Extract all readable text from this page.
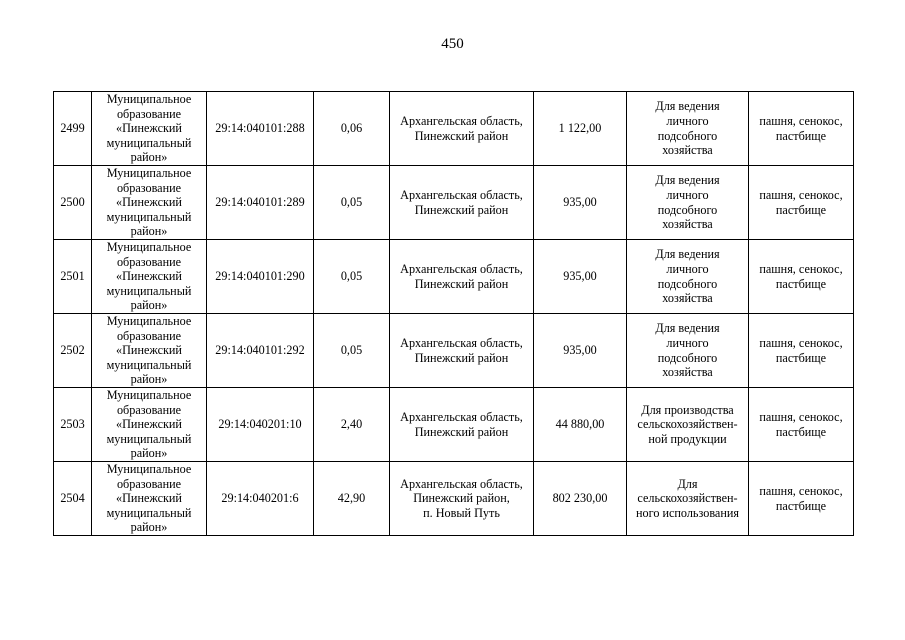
450
2499	Муниципальное
образование
«Пинежский
муниципальный
район»	29:14:040101:288	0,06	Архангельская область,
Пинежский район	1 122,00	Для ведения
личного
подсобного
хозяйства	пашня, сенокос,
пастбище
2500	Муниципальное
образование
«Пинежский
муниципальный
район»	29:14:040101:289	0,05	Архангельская область,
Пинежский район	935,00	Для ведения
личного
подсобного
хозяйства	пашня, сенокос,
пастбище
2501	Муниципальное
образование
«Пинежский
муниципальный
район»	29:14:040101:290	0,05	Архангельская область,
Пинежский район	935,00	Для ведения
личного
подсобного
хозяйства	пашня, сенокос,
пастбище
2502	Муниципальное
образование
«Пинежский
муниципальный
район»	29:14:040101:292	0,05	Архангельская область,
Пинежский район	935,00	Для ведения
личного
подсобного
хозяйства	пашня, сенокос,
пастбище
2503	Муниципальное
образование
«Пинежский
муниципальный
район»	29:14:040201:10	2,40	Архангельская область,
Пинежский район	44 880,00	Для производства
сельскохозяйствен-
ной продукции	пашня, сенокос,
пастбище
2504	Муниципальное
образование
«Пинежский
муниципальный
район»	29:14:040201:6	42,90	Архангельская область,
Пинежский район,
п. Новый Путь	802 230,00	Для
сельскохозяйствен-
ного использования	пашня, сенокос,
пастбище
